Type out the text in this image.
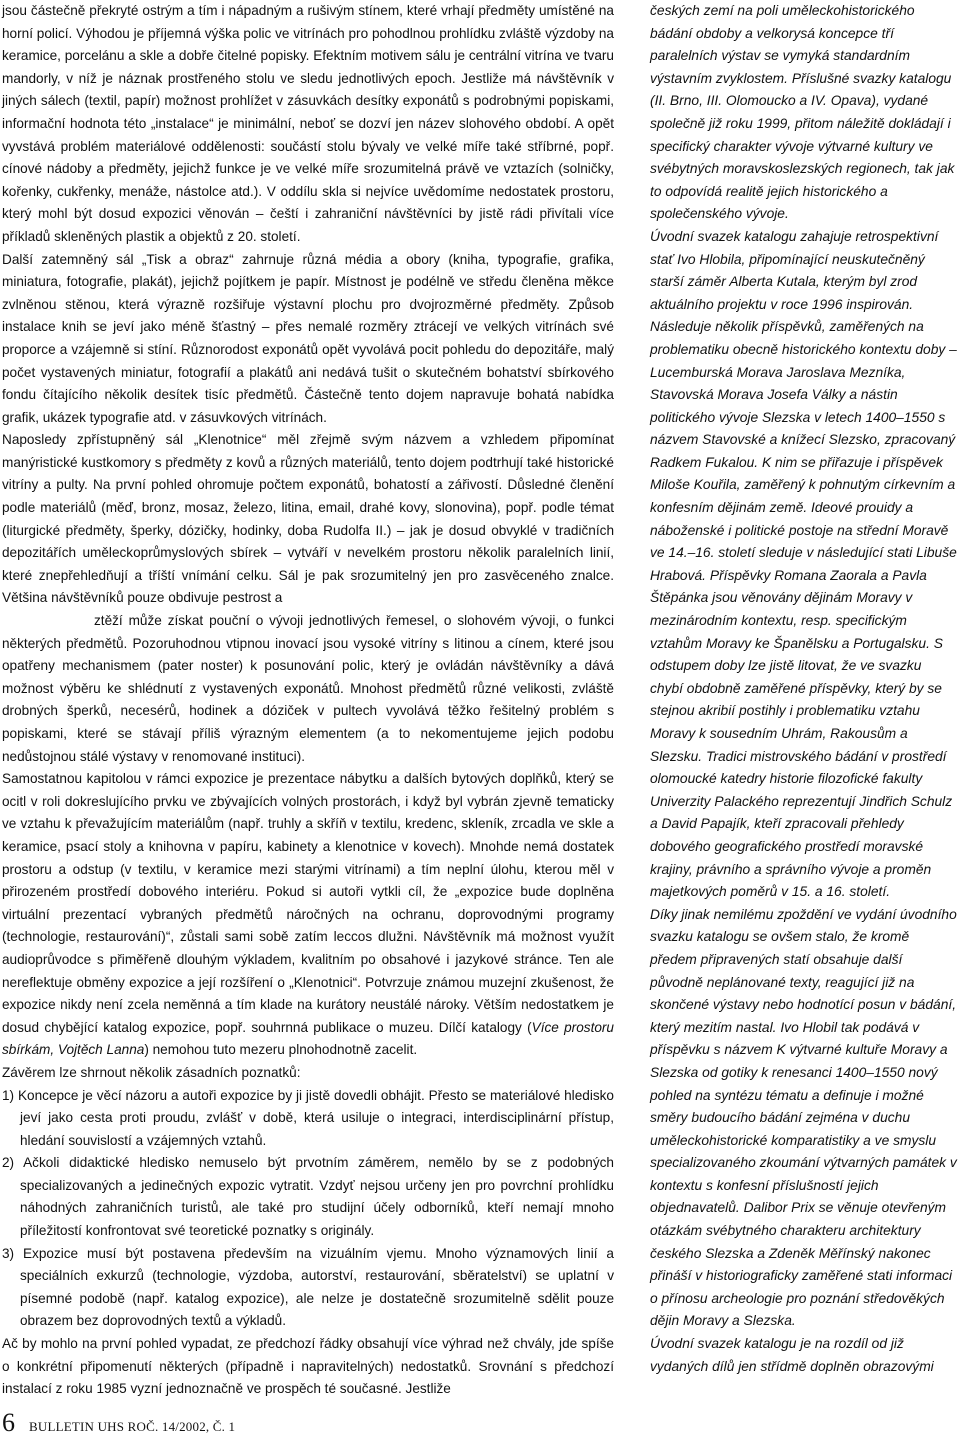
jsou částečně překryté ostrým a tím i nápadným a rušivým stínem, které vrhají předměty umístěné na horní policí. Výhodou je příjemná výška polic ve vitrínách pro pohodlnou prohlídku zvláště výzdoby na keramice, porcelánu a skle a dobře čitelné popisky. Efektním motivem sálu je centrální vitrína ve tvaru mandorly, v níž je náznak prostřeného stolu ve sledu jednotlivých epoch. Jestliže má návštěvník v jiných sálech (textil, papír) možnost prohlížet v zásuvkách desítky exponátů s podrobnými popiskami, informační hodnota této „instalace“ je minimální, neboť se dozví jen název slohového období. A opět vyvstává problém materiálové oddělenosti: součástí stolu bývaly ve velké míře také stříbrné, popř. cínové nádoby a předměty, jejichž funkce je ve velké míře srozumitelná právě ve vztazích (solničky, kořenky, cukřenky, menáže, nástolce atd.). V oddílu skla si nejvíce uvědomíme nedostatek prostoru, který mohl být dosud expozici věnován – čeští i zahraniční návštěvníci by jistě rádi přivítali více příkladů skleněných plastik a objektů z 20. století.

Další zatemněný sál „Tisk a obraz“ zahrnuje různá média a obory (kniha, typografie, grafika, miniatura, fotografie, plakát), jejichž pojítkem je papír. Místnost je podélně ve středu členěna měkce zvlněnou stěnou, která výrazně rozšiřuje výstavní plochu pro dvojrozměrné předměty. Způsob instalace knih se jeví jako méně šťastný – přes nemalé rozměry ztrácejí ve velkých vitrínách své proporce a vzájemně si stíní. Různorodost exponátů opět vyvolává pocit pohledu do depozitáře, malý počet vystavených miniatur, fotografií a plakátů ani nedává tušit o skutečném bohatství sbírkového fondu čítajícího několik desítek tisíc předmětů. Částečně tento dojem napravuje bohatá nabídka grafik, ukázek typografie atd. v zásuvkových vitrínách.

Naposledy zpřístupněný sál „Klenotnice“ měl zřejmě svým názvem a vzhledem připomínat manýristické kustkomory s předměty z kovů a různých materiálů, tento dojem podtrhují také historické vitríny a pulty. Na první pohled ohromuje počtem exponátů, bohatostí a zářivostí. Důsledné členění podle materiálů (měď, bronz, mosaz, železo, litina, email, drahé kovy, slonovina), popř. podle témat (liturgické předměty, šperky, dózičky, hodinky, doba Rudolfa II.) – jak je dosud obvyklé v tradičních depozitářích uměleckoprůmyslových sbírek – vytváří v nevelkém prostoru několik paralelních linií, které znepřehledňují a tříští vnímání celku. Sál je pak srozumitelný jen pro zasvěceného znalce. Většina návštěvníků pouze obdivuje pestrost a
ztěží může získat pouční o vývoji jednotlivých řemesel, o slohovém vývoji, o funkci některých předmětů. Pozoruhodnou vtipnou inovací jsou vysoké vitríny s litinou a cínem, které jsou opatřeny mechanismem (pater noster) k posunování polic, který je ovládán návštěvníky a dává možnost výběru ke shlédnutí z vystavených exponátů. Mnohost předmětů různé velikosti, zvláště drobných šperků, necesérů, hodinek a dóziček v pultech vyvolává těžko řešitelný problém s popiskami, které se stávají příliš výrazným elementem (a to nekomentujeme jejich podobu nedůstojnou stálé výstavy v renomované instituci).

Samostatnou kapitolou v rámci expozice je prezentace nábytku a dalších bytových doplňků, který se ocitl v roli dokreslujícího prvku ve zbývajících volných prostorách, i když byl vybrán zjevně tematicky ve vztahu k převažujícím materiálům (např. truhly a skříň v textilu, kredenc, skleník, zrcadla ve skle a keramice, psací stoly a knihovna v papíru, kabinety a klenotnice v kovech). Mnohde nemá dostatek prostoru a odstup (v textilu, v keramice mezi starými vitrínami) a tím neplní úlohu, kterou měl v přirozeném prostředí dobového interiéru. Pokud si autoři vytkli cíl, že „expozice bude doplněna virtuální prezentací vybraných předmětů náročných na ochranu, doprovodnými programy (technologie, restaurování)“, zůstali sami sobě zatím leccos dlužni. Návštěvník má možnost využít audioprůvodce s přiměřeně dlouhým výkladem, kvalitním po obsahové i jazykové stránce. Ten ale nereflektuje obměny expozice a její rozšíření o „Klenotnici“. Potvrzuje známou muzejní zkušenost, že expozice nikdy není zcela neměnná a tím klade na kurátory neustálé nároky. Větším nedostatkem je dosud chybějící katalog expozice, popř. souhrnná publikace o muzeu. Dílčí katalogy (Více prostoru sbírkám, Vojtěch Lanna) nemohou tuto mezeru plnohodnotně zacelit.

Závěrem lze shrnout několik zásadních poznatků:

1) Koncepce je věcí názoru a autoři expozice by ji jistě dovedli obhájit. Přesto se materiálové hledisko jeví jako cesta proti proudu, zvlášť v době, která usiluje o integraci, interdisciplinární přístup, hledání souvislostí a vzájemných vztahů.

2) Ačkoli didaktické hledisko nemuselo být prvotním záměrem, nemělo by se z podobných specializovaných a jedinečných expozic vytratit. Vzdyť nejsou určeny jen pro povrchní prohlídku náhodných zahraničních turistů, ale také pro studijní účely odborníků, kteří nemají mnoho příležitostí konfrontovat své teoretické poznatky s originály.

3) Expozice musí být postavena především na vizuálním vjemu. Mnoho významových linií a speciálních exkurzů (technologie, výzdoba, autorství, restaurování, sběratelství) se uplatní v písemné podobě (např. katalog expozice), ale nelze je dostatečně srozumitelně sdělit pouze obrazem bez doprovodných textů a výkladů.

Ač by mohlo na první pohled vypadat, ze předchozí řádky obsahují více výhrad než chvály, jde spíše o konkrétní připomenutí některých (případně i napravitelných) nedostatků. Srovnání s předchozí instalací z roku 1985 vyzní jednoznačně ve prospěch té současné. Jestliže

českých zemí na poli uměleckohistorického bádání obdoby a velkorysá koncepce tří paralelních výstav se vymyká standardním výstavním zvyklostem. Příslušné svazky katalogu (II. Brno, III. Olomoucko a IV. Opava), vydané společně již roku 1999, přitom náležitě dokládají i specifický charakter vývoje výtvarné kultury ve svébytných moravskoslezských regionech, tak jak to odpovídá realitě jejich historického a společenského vývoje.

Úvodní svazek katalogu zahajuje retrospektivní stať Ivo Hlobila, připomínající neuskutečněný starší záměr Alberta Kutala, kterým byl zrod aktuálního projektu v roce 1996 inspirován. Následuje několik příspěvků, zaměřených na problematiku obecně historického kontextu doby – Lucemburská Morava Jaroslava Mezníka, Stavovská Morava Josefa Války a nástin politického vývoje Slezska v letech 1400–1550 s názvem Stavovské a knížecí Slezsko, zpracovaný Radkem Fukalou. K nim se přiřazuje i příspěvek Miloše Kouřila, zaměřený k pohnutým církevním a konfesním dějinám země. Ideové prouidy a náboženské i politické postoje na střední Moravě ve 14.–16. století sleduje v následující stati Libuše Hrabová. Příspěvky Romana Zaorala a Pavla Štěpánka jsou věnovány dějinám Moravy v mezinárodním kontextu, resp. specifickým vztahům Moravy ke Španělsku a Portugalsku. S odstupem doby lze jistě litovat, že ve svazku chybí obdobně zaměřené příspěvky, který by se stejnou akribií postihly i problematiku vztahu Moravy k sousedním Uhrám, Rakousům a Slezsku. Tradici mistrovského bádání v prostředí olomoucké katedry historie filozofické fakulty Univerzity Palackého reprezentují Jindřich Schulz a David Papajík, kteří zpracovali přehledy dobového geografického prostředí moravské krajiny, právního a správního vývoje a proměn majetkových poměrů v 15. a 16. století.

Díky jinak nemilému zpoždění ve vydání úvodního svazku katalogu se ovšem stalo, že kromě předem připravených statí obsahuje další původně neplánované texty, reagující již na skončené výstavy nebo hodnotící posun v bádání, který mezitím nastal. Ivo Hlobil tak podává v příspěvku s názvem K výtvarné kultuře Moravy a Slezska od gotiky k renesanci 1400–1550 nový pohled na syntézu tématu a definuje i možné směry budoucího bádání zejména v duchu uměleckohistorické komparatistiky a ve smyslu specializovaného zkoumání výtvarných památek v kontextu s konfesní příslušností jejich objednavatelů. Dalibor Prix se věnuje otevřeným otázkám svébytného charakteru architektury českého Slezska a Zdeněk Měřínský nakonec přináší v historiograficky zaměřené stati informaci o přínosu archeologie pro poznání středověkých dějin Moravy a Slezska.

Úvodní svazek katalogu je na rozdíl od již vydaných dílů jen střídmě doplněn obrazovými

6 BULLETIN UHS ROČ. 14/2002, Č. 1
